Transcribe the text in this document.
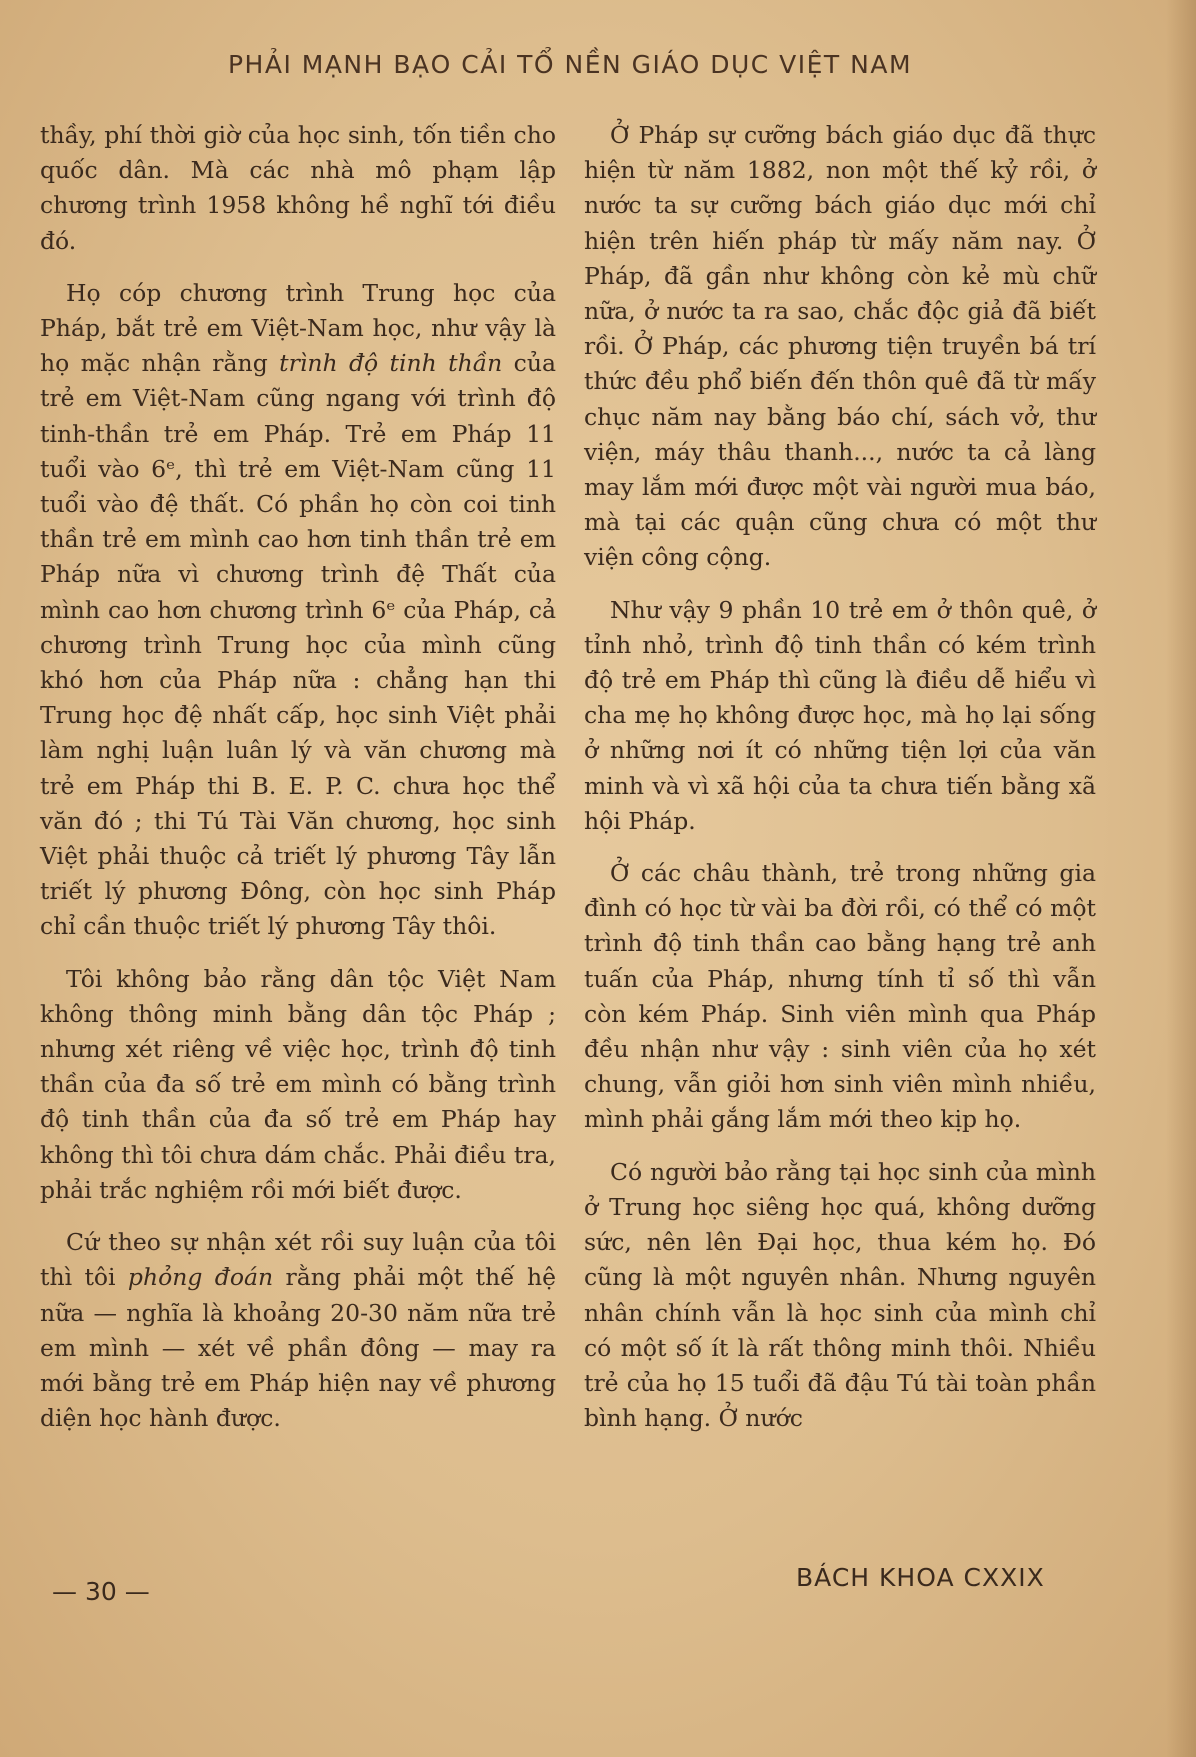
PHẢI MẠNH BẠO CẢI TỔ NỀN GIÁO DỤC VIỆT NAM

thầy, phí thời giờ của học sinh, tốn tiền cho quốc dân. Mà các nhà mô phạm lập chương trình 1958 không hề nghĩ tới điều đó.

Họ cóp chương trình Trung học của Pháp, bắt trẻ em Việt-Nam học, như vậy là họ mặc nhận rằng trình độ tinh thần của trẻ em Việt-Nam cũng ngang với trình độ tinh-thần trẻ em Pháp. Trẻ em Pháp 11 tuổi vào 6ᵉ, thì trẻ em Việt-Nam cũng 11 tuổi vào đệ thất. Có phần họ còn coi tinh thần trẻ em mình cao hơn tinh thần trẻ em Pháp nữa vì chương trình đệ Thất của mình cao hơn chương trình 6ᵉ của Pháp, cả chương trình Trung học của mình cũng khó hơn của Pháp nữa : chẳng hạn thi Trung học đệ nhất cấp, học sinh Việt phải làm nghị luận luân lý và văn chương mà trẻ em Pháp thi B. E. P. C. chưa học thể văn đó ; thi Tú Tài Văn chương, học sinh Việt phải thuộc cả triết lý phương Tây lẫn triết lý phương Đông, còn học sinh Pháp chỉ cần thuộc triết lý phương Tây thôi.

Tôi không bảo rằng dân tộc Việt Nam không thông minh bằng dân tộc Pháp ; nhưng xét riêng về việc học, trình độ tinh thần của đa số trẻ em mình có bằng trình độ tinh thần của đa số trẻ em Pháp hay không thì tôi chưa dám chắc. Phải điều tra, phải trắc nghiệm rồi mới biết được.

Cứ theo sự nhận xét rồi suy luận của tôi thì tôi phỏng đoán rằng phải một thế hệ nữa — nghĩa là khoảng 20-30 năm nữa trẻ em mình — xét về phần đông — may ra mới bằng trẻ em Pháp hiện nay về phương diện học hành được.

Ở Pháp sự cưỡng bách giáo dục đã thực hiện từ năm 1882, non một thế kỷ rồi, ở nước ta sự cưỡng bách giáo dục mới chỉ hiện trên hiến pháp từ mấy năm nay. Ở Pháp, đã gần như không còn kẻ mù chữ nữa, ở nước ta ra sao, chắc độc giả đã biết rồi. Ở Pháp, các phương tiện truyền bá trí thức đều phổ biến đến thôn quê đã từ mấy chục năm nay bằng báo chí, sách vở, thư viện, máy thâu thanh..., nước ta cả làng may lắm mới được một vài người mua báo, mà tại các quận cũng chưa có một thư viện công cộng.

Như vậy 9 phần 10 trẻ em ở thôn quê, ở tỉnh nhỏ, trình độ tinh thần có kém trình độ trẻ em Pháp thì cũng là điều dễ hiểu vì cha mẹ họ không được học, mà họ lại sống ở những nơi ít có những tiện lợi của văn minh và vì xã hội của ta chưa tiến bằng xã hội Pháp.

Ở các châu thành, trẻ trong những gia đình có học từ vài ba đời rồi, có thể có một trình độ tinh thần cao bằng hạng trẻ anh tuấn của Pháp, nhưng tính tỉ số thì vẫn còn kém Pháp. Sinh viên mình qua Pháp đều nhận như vậy : sinh viên của họ xét chung, vẫn giỏi hơn sinh viên mình nhiều, mình phải gắng lắm mới theo kịp họ.

Có người bảo rằng tại học sinh của mình ở Trung học siêng học quá, không dưỡng sức, nên lên Đại học, thua kém họ. Đó cũng là một nguyên nhân. Nhưng nguyên nhân chính vẫn là học sinh của mình chỉ có một số ít là rất thông minh thôi. Nhiều trẻ của họ 15 tuổi đã đậu Tú tài toàn phần bình hạng. Ở nước

— 30 —	BÁCH KHOA CXXIX
